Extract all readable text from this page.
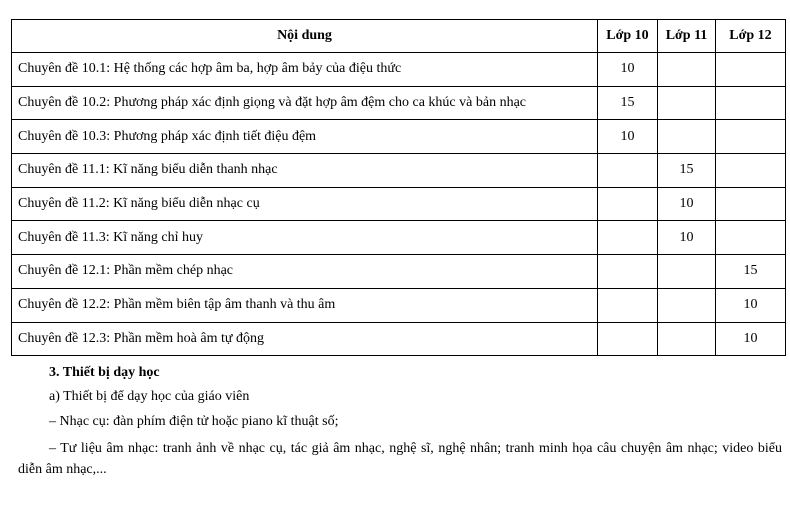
Nội dung	Lớp 10	Lớp 11	Lớp 12
Chuyên đề 10.1: Hệ thống các hợp âm ba, hợp âm bảy của điệu thức	10		
Chuyên đề 10.2: Phương pháp xác định giọng và đặt hợp âm đệm cho ca khúc và bản nhạc	15		
Chuyên đề 10.3: Phương pháp xác định tiết điệu đệm	10		
Chuyên đề 11.1: Kĩ năng biểu diễn thanh nhạc		15	
Chuyên đề 11.2: Kĩ năng biểu diễn nhạc cụ		10	
Chuyên đề 11.3: Kĩ năng chỉ huy		10	
Chuyên đề 12.1: Phần mềm chép nhạc			15
Chuyên đề 12.2: Phần mềm biên tập âm thanh và thu âm			10
Chuyên đề 12.3: Phần mềm hoà âm tự động			10
3. Thiết bị dạy học
a) Thiết bị để dạy học của giáo viên
– Nhạc cụ: đàn phím điện tử hoặc piano kĩ thuật số;
– Tư liệu âm nhạc: tranh ảnh về nhạc cụ, tác giả âm nhạc, nghệ sĩ, nghệ nhân; tranh minh họa câu chuyện âm nhạc; video biểu diễn âm nhạc,...
